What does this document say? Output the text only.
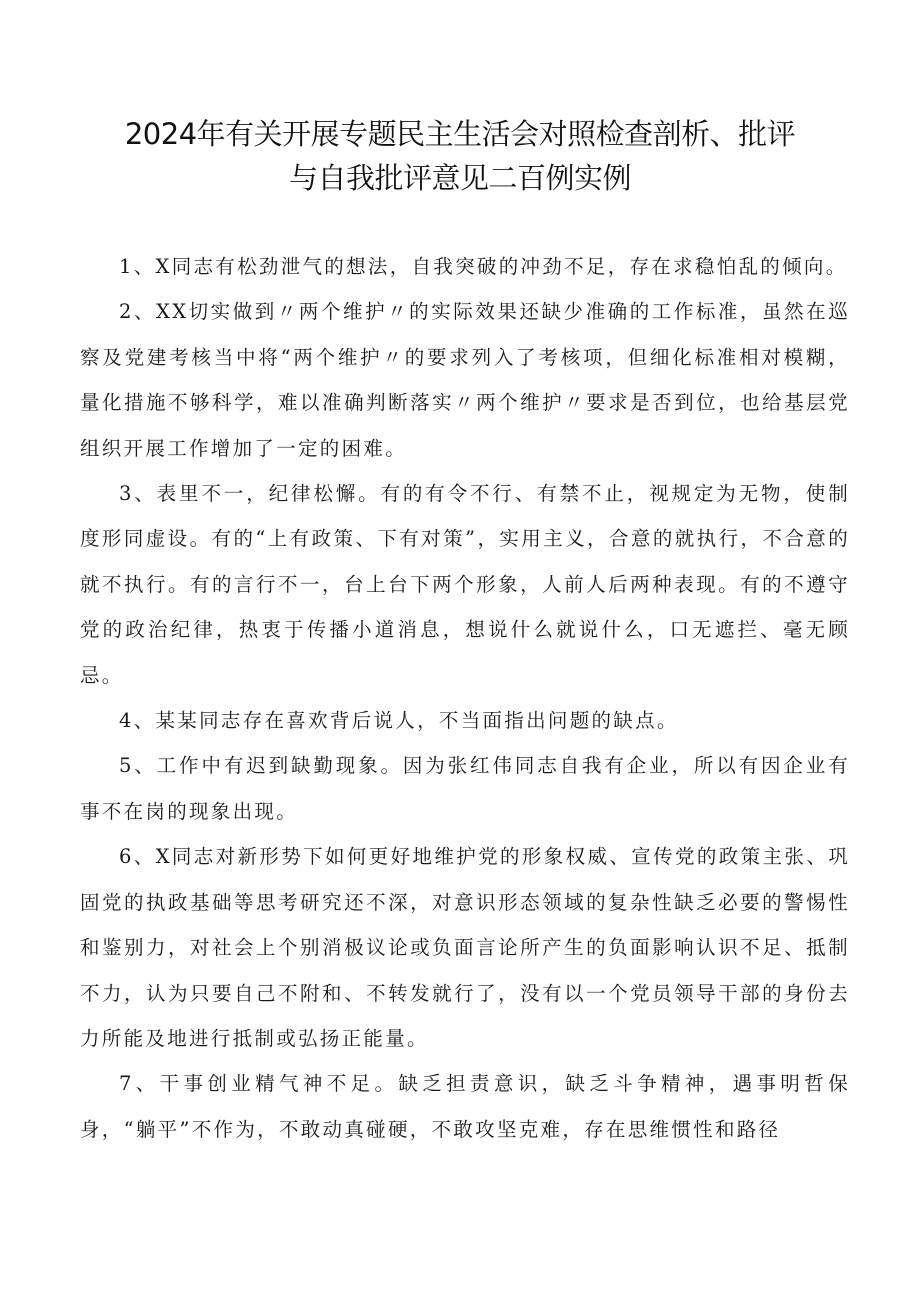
2024年有关开展专题民主生活会对照检查剖析、批评
与自我批评意见二百例实例

1、X同志有松劲泄气的想法，自我突破的冲劲不足，存在求稳怕乱的倾向。

2、XX切实做到〃两个维护〃的实际效果还缺少准确的工作标准，虽然在巡察及党建考核当中将“两个维护〃的要求列入了考核项，但细化标准相对模糊，量化措施不够科学，难以准确判断落实〃两个维护〃要求是否到位，也给基层党组织开展工作增加了一定的困难。

3、表里不一，纪律松懈。有的有令不行、有禁不止，视规定为无物，使制度形同虚设。有的“上有政策、下有对策”，实用主义，合意的就执行，不合意的就不执行。有的言行不一，台上台下两个形象，人前人后两种表现。有的不遵守党的政治纪律，热衷于传播小道消息，想说什么就说什么，口无遮拦、毫无顾忌。

4、某某同志存在喜欢背后说人，不当面指出问题的缺点。

5、工作中有迟到缺勤现象。因为张红伟同志自我有企业，所以有因企业有事不在岗的现象出现。

6、X同志对新形势下如何更好地维护党的形象权威、宣传党的政策主张、巩固党的执政基础等思考研究还不深，对意识形态领域的复杂性缺乏必要的警惕性和鉴别力，对社会上个别消极议论或负面言论所产生的负面影响认识不足、抵制不力，认为只要自己不附和、不转发就行了，没有以一个党员领导干部的身份去力所能及地进行抵制或弘扬正能量。

7、干事创业精气神不足。缺乏担责意识，缺乏斗争精神，遇事明哲保身，“躺平”不作为，不敢动真碰硬，不敢攻坚克难，存在思维惯性和路径
